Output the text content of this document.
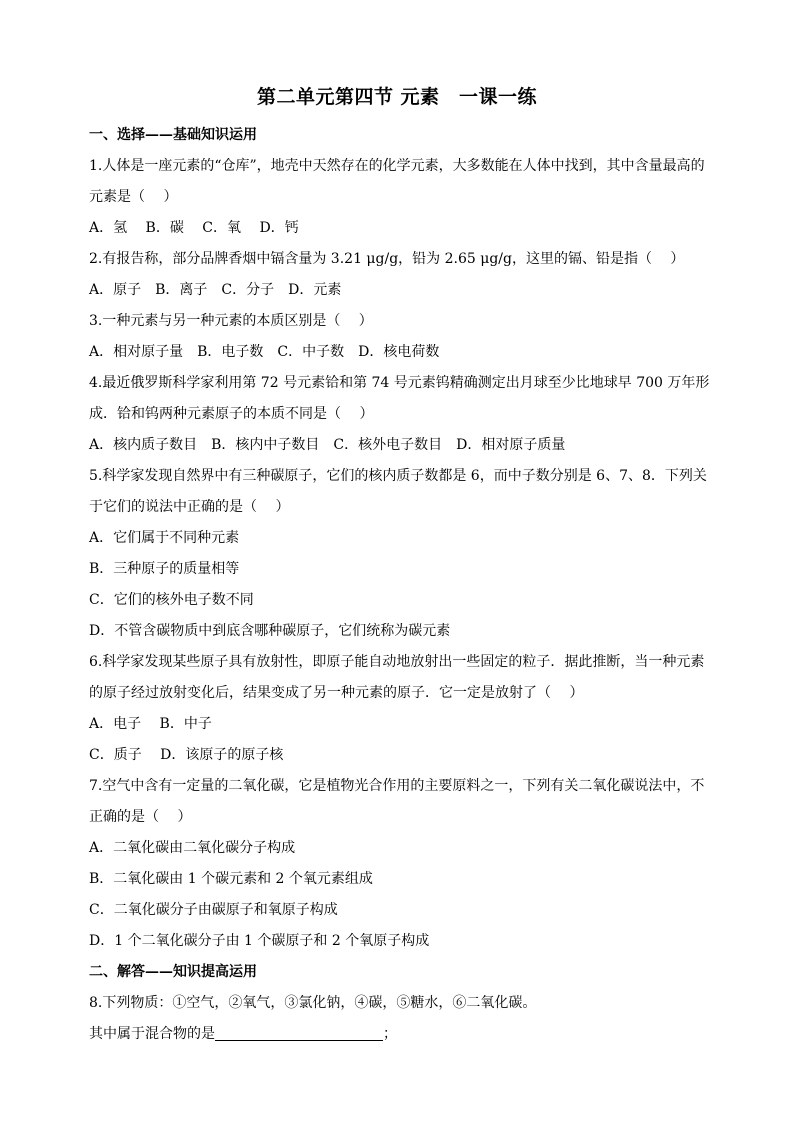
第二单元第四节 元素　一课一练
一、选择——基础知识运用
1.人体是一座元素的“仓库”，地壳中天然存在的化学元素，大多数能在人体中找到，其中含量最高的
元素是（　 ）
A．氢　 B．碳　 C．氧　 D．钙
2.有报告称，部分品牌香烟中镉含量为 3.21 μg/g，铅为 2.65 μg/g，这里的镉、铅是指（　 ）
A．原子　B．离子　C．分子　D．元素
3.一种元素与另一种元素的本质区别是（　 ）
A．相对原子量　B．电子数　C．中子数　D．核电荷数
4.最近俄罗斯科学家利用第 72 号元素铪和第 74 号元素钨精确测定出月球至少比地球早 700 万年形
成．铪和钨两种元素原子的本质不同是（　 ）
A．核内质子数目　B．核内中子数目　C．核外电子数目　D．相对原子质量
5.科学家发现自然界中有三种碳原子，它们的核内质子数都是 6，而中子数分别是 6、7、8．下列关
于它们的说法中正确的是（　 ）
A．它们属于不同种元素
B．三种原子的质量相等
C．它们的核外电子数不同
D．不管含碳物质中到底含哪种碳原子，它们统称为碳元素
6.科学家发现某些原子具有放射性，即原子能自动地放射出一些固定的粒子．据此推断，当一种元素
的原子经过放射变化后，结果变成了另一种元素的原子．它一定是放射了（　 ）
A．电子　 B．中子
C．质子　 D．该原子的原子核
7.空气中含有一定量的二氧化碳，它是植物光合作用的主要原料之一，下列有关二氧化碳说法中，不
正确的是（　 ）
A．二氧化碳由二氧化碳分子构成
B．二氧化碳由 1 个碳元素和 2 个氧元素组成
C．二氧化碳分子由碳原子和氧原子构成
D．1 个二氧化碳分子由 1 个碳原子和 2 个氧原子构成
二、解答——知识提高运用
8.下列物质：①空气，②氧气，③氯化钠，④碳，⑤糖水，⑥二氧化碳。
其中属于混合物的是	；
